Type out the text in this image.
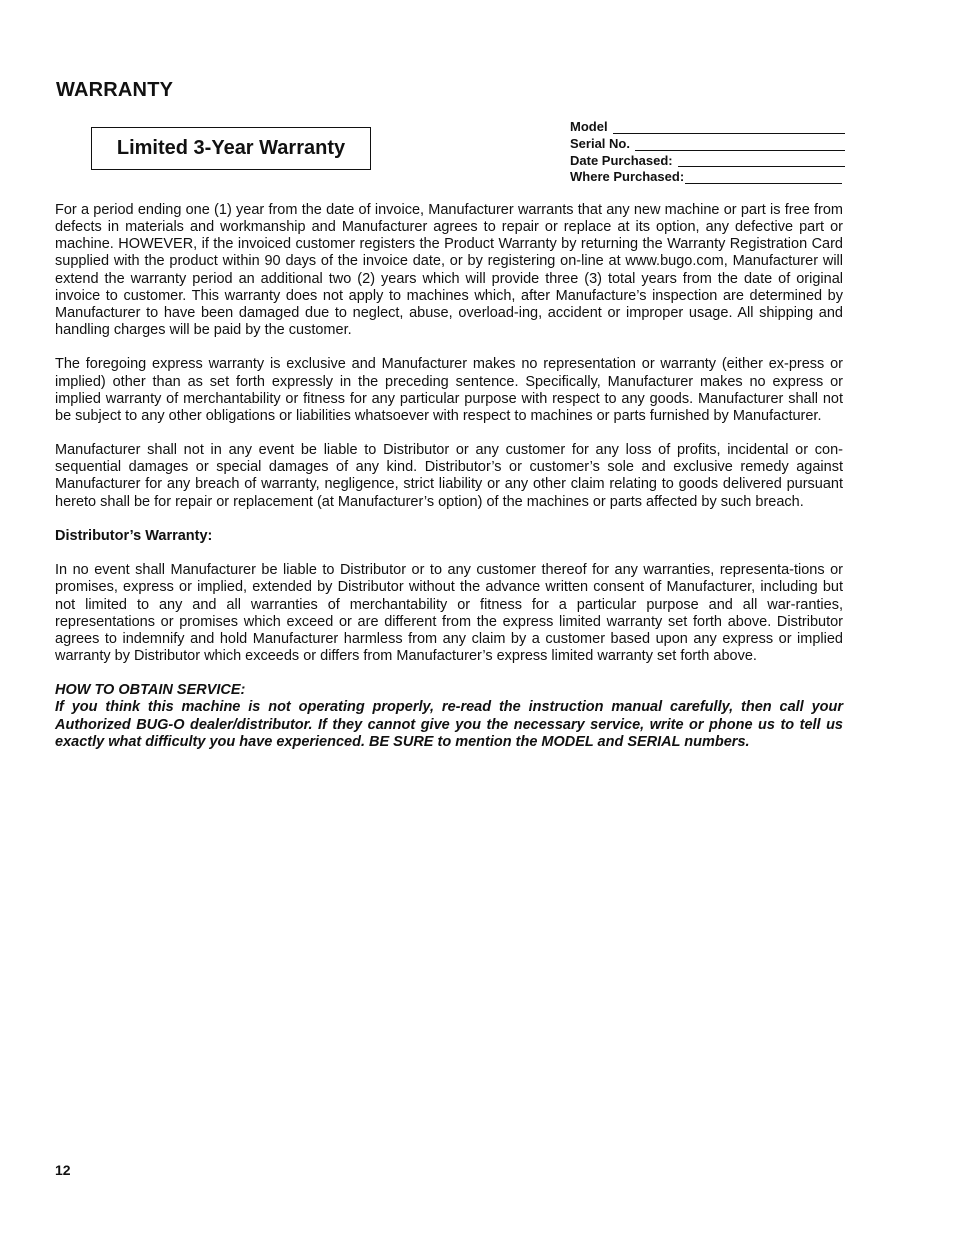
WARRANTY
Limited 3-Year Warranty
Model
Serial No.
Date Purchased:
Where Purchased:

For a period ending one (1) year from the date of invoice, Manufacturer warrants that any new machine or part is free from defects in materials and workmanship and Manufacturer agrees to repair or replace at its option, any defective part or machine. HOWEVER, if the invoiced customer registers the Product Warranty by returning the Warranty Registration Card supplied with the product within 90 days of the invoice date, or by registering on-line at www.bugo.com, Manufacturer will extend the warranty period an additional two (2) years which will provide three (3) total years from the date of original invoice to customer. This warranty does not apply to machines which, after Manufacture’s inspection are determined by Manufacturer to have been damaged due to neglect, abuse, overload-ing, accident or improper usage. All shipping and handling charges will be paid by the customer.

The foregoing express warranty is exclusive and Manufacturer makes no representation or warranty (either ex-press or implied) other than as set forth expressly in the preceding sentence. Specifically, Manufacturer makes no express or implied warranty of merchantability or fitness for any particular purpose with respect to any goods. Manufacturer shall not be subject to any other obligations or liabilities whatsoever with respect to machines or parts furnished by Manufacturer.

Manufacturer shall not in any event be liable to Distributor or any customer for any loss of profits, incidental or con-sequential damages or special damages of any kind. Distributor’s or customer’s sole and exclusive remedy against Manufacturer for any breach of warranty, negligence, strict liability or any other claim relating to goods delivered pursuant hereto shall be for repair or replacement (at Manufacturer’s option) of the machines or parts affected by such breach.

Distributor’s Warranty:

In no event shall Manufacturer be liable to Distributor or to any customer thereof for any warranties, representa-tions or promises, express or implied, extended by Distributor without the advance written consent of Manufacturer, including but not limited to any and all warranties of merchantability or fitness for a particular purpose and all war-ranties, representations or promises which exceed or are different from the express limited warranty set forth above. Distributor agrees to indemnify and hold Manufacturer harmless from any claim by a customer based upon any express or implied warranty by Distributor which exceeds or differs from Manufacturer’s express limited warranty set forth above.

HOW TO OBTAIN SERVICE:
If you think this machine is not operating properly, re-read the instruction manual carefully, then call your Authorized BUG-O dealer/distributor. If they cannot give you the necessary service, write or phone us to tell us exactly what difficulty you have experienced. BE SURE to mention the MODEL and SERIAL numbers.
12
